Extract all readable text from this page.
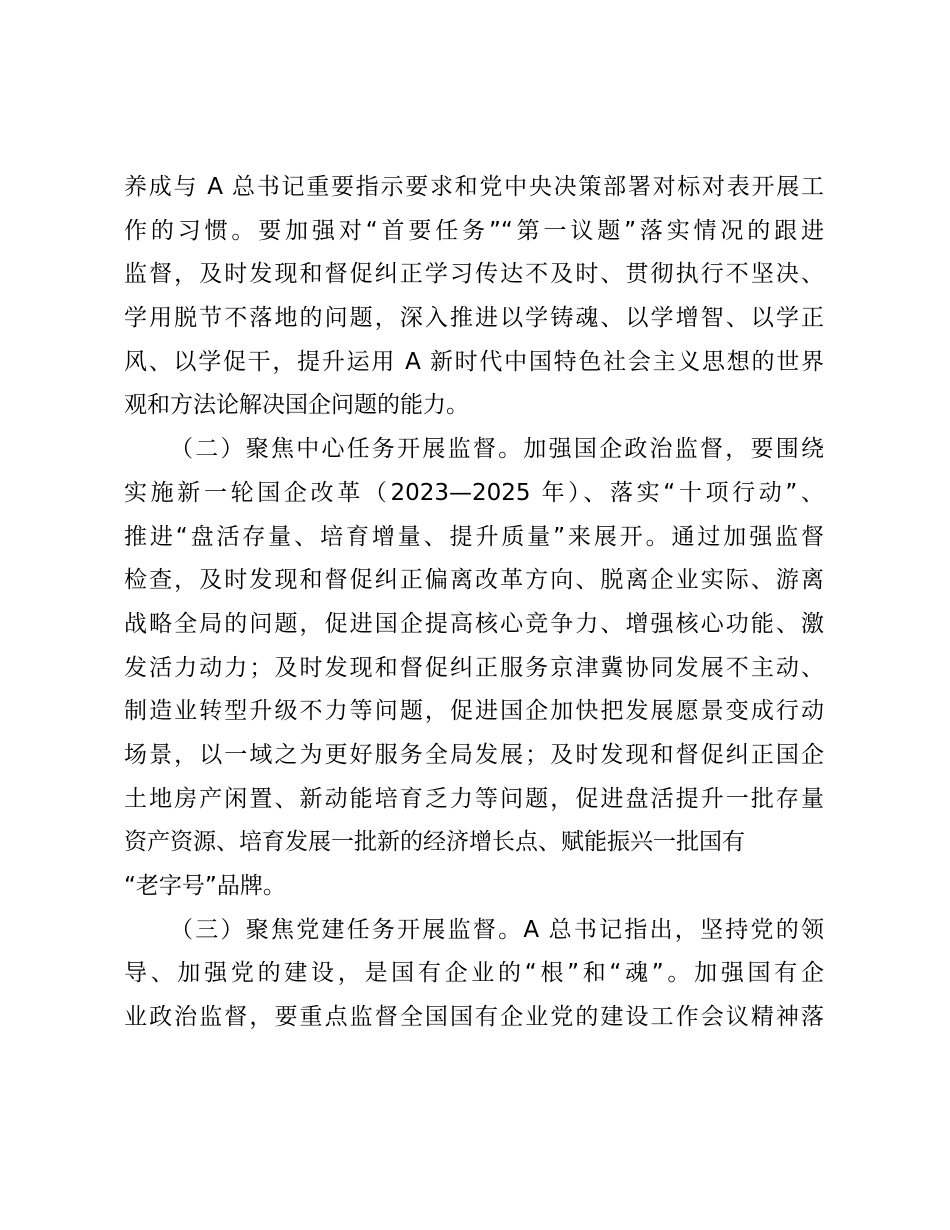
养成与 A 总书记重要指示要求和党中央决策部署对标对表开展工
作的习惯。要加强对“首要任务”“第一议题”落实情况的跟进
监督，及时发现和督促纠正学习传达不及时、贯彻执行不坚决、
学用脱节不落地的问题，深入推进以学铸魂、以学增智、以学正
风、以学促干，提升运用 A 新时代中国特色社会主义思想的世界
观和方法论解决国企问题的能力。
（二）聚焦中心任务开展监督。加强国企政治监督，要围绕
实施新一轮国企改革（2023—2025 年）、落实“十项行动”、
推进“盘活存量、培育增量、提升质量”来展开。通过加强监督
检查，及时发现和督促纠正偏离改革方向、脱离企业实际、游离
战略全局的问题，促进国企提高核心竞争力、增强核心功能、激
发活力动力；及时发现和督促纠正服务京津冀协同发展不主动、
制造业转型升级不力等问题，促进国企加快把发展愿景变成行动
场景，以一域之为更好服务全局发展；及时发现和督促纠正国企
土地房产闲置、新动能培育乏力等问题，促进盘活提升一批存量
资产资源、培育发展一批新的经济增长点、赋能振兴一批国有
“老字号”品牌。
（三）聚焦党建任务开展监督。A 总书记指出，坚持党的领
导、加强党的建设，是国有企业的“根”和“魂”。加强国有企
业政治监督，要重点监督全国国有企业党的建设工作会议精神落
